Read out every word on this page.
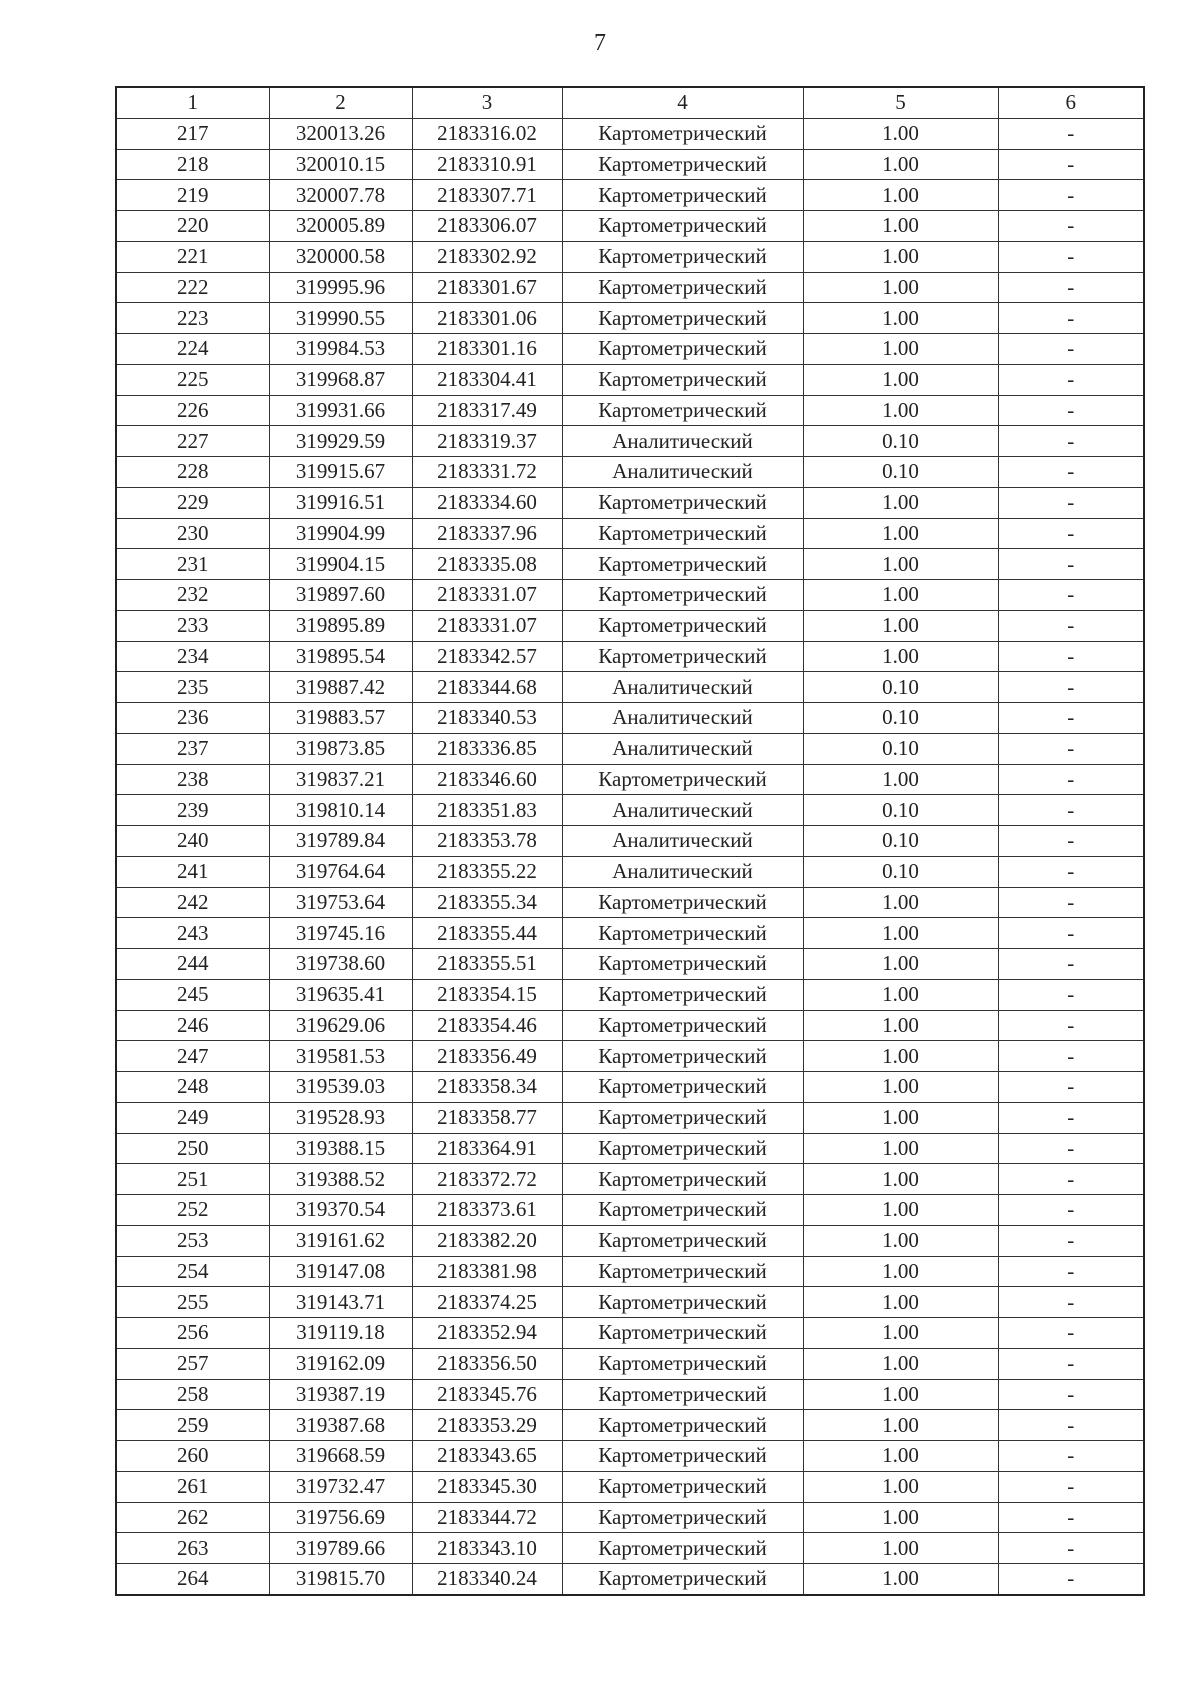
7
1	2	3	4	5	6
217	320013.26	2183316.02	Картометрический	1.00	-
218	320010.15	2183310.91	Картометрический	1.00	-
219	320007.78	2183307.71	Картометрический	1.00	-
220	320005.89	2183306.07	Картометрический	1.00	-
221	320000.58	2183302.92	Картометрический	1.00	-
222	319995.96	2183301.67	Картометрический	1.00	-
223	319990.55	2183301.06	Картометрический	1.00	-
224	319984.53	2183301.16	Картометрический	1.00	-
225	319968.87	2183304.41	Картометрический	1.00	-
226	319931.66	2183317.49	Картометрический	1.00	-
227	319929.59	2183319.37	Аналитический	0.10	-
228	319915.67	2183331.72	Аналитический	0.10	-
229	319916.51	2183334.60	Картометрический	1.00	-
230	319904.99	2183337.96	Картометрический	1.00	-
231	319904.15	2183335.08	Картометрический	1.00	-
232	319897.60	2183331.07	Картометрический	1.00	-
233	319895.89	2183331.07	Картометрический	1.00	-
234	319895.54	2183342.57	Картометрический	1.00	-
235	319887.42	2183344.68	Аналитический	0.10	-
236	319883.57	2183340.53	Аналитический	0.10	-
237	319873.85	2183336.85	Аналитический	0.10	-
238	319837.21	2183346.60	Картометрический	1.00	-
239	319810.14	2183351.83	Аналитический	0.10	-
240	319789.84	2183353.78	Аналитический	0.10	-
241	319764.64	2183355.22	Аналитический	0.10	-
242	319753.64	2183355.34	Картометрический	1.00	-
243	319745.16	2183355.44	Картометрический	1.00	-
244	319738.60	2183355.51	Картометрический	1.00	-
245	319635.41	2183354.15	Картометрический	1.00	-
246	319629.06	2183354.46	Картометрический	1.00	-
247	319581.53	2183356.49	Картометрический	1.00	-
248	319539.03	2183358.34	Картометрический	1.00	-
249	319528.93	2183358.77	Картометрический	1.00	-
250	319388.15	2183364.91	Картометрический	1.00	-
251	319388.52	2183372.72	Картометрический	1.00	-
252	319370.54	2183373.61	Картометрический	1.00	-
253	319161.62	2183382.20	Картометрический	1.00	-
254	319147.08	2183381.98	Картометрический	1.00	-
255	319143.71	2183374.25	Картометрический	1.00	-
256	319119.18	2183352.94	Картометрический	1.00	-
257	319162.09	2183356.50	Картометрический	1.00	-
258	319387.19	2183345.76	Картометрический	1.00	-
259	319387.68	2183353.29	Картометрический	1.00	-
260	319668.59	2183343.65	Картометрический	1.00	-
261	319732.47	2183345.30	Картометрический	1.00	-
262	319756.69	2183344.72	Картометрический	1.00	-
263	319789.66	2183343.10	Картометрический	1.00	-
264	319815.70	2183340.24	Картометрический	1.00	-
